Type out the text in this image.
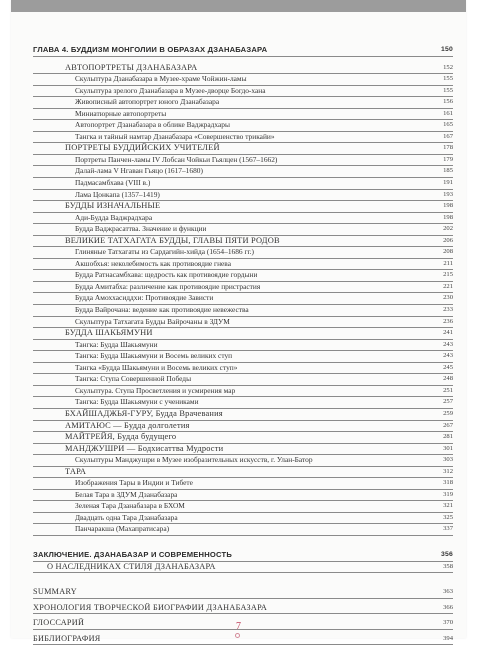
ГЛАВА 4. БУДДИЗМ МОНГОЛИИ В ОБРАЗАХ ДЗАНАБАЗАРА	150
АВТОПОРТРЕТЫ ДЗАНАБАЗАРА	152
Скульптура Дзанабазара в Музее-храме Чойжин-ламы	155
Скульптура зрелого Дзанабазара в Музее-дворце Богдо-хана	155
Живописный автопортрет юного Дзанабазара	156
Миниатюрные автопортреты	161
Автопортрет Дзанабазара в облике Ваджрадхары	165
Тангка и тайный намтар Дзанабазара «Совершенство трикайи»	167
ПОРТРЕТЫ БУДДИЙСКИХ УЧИТЕЛЕЙ	178
Портреты Панчен-ламы IV Лобсан Чойкьи Гьялцен (1567–1662)	179
Далай-лама V Нгаван Гьяцо (1617–1680)	185
Падмасамбхава (VIII в.)	191
Лама Цонкапа (1357–1419)	193
БУДДЫ ИЗНАЧАЛЬНЫЕ	198
Ади-Будда Ваджрадхара	198
Будда Ваджрасаттва. Значение и функции	202
ВЕЛИКИЕ ТАТХАГАТА БУДДЫ, ГЛАВЫ ПЯТИ РОДОВ	206
Глиняные Татхагаты из Сардагийн-хийда (1654–1686 гг.)	208
Акшобхья: неколебимость как противоядие гнева	211
Будда Ратнасамбхава: щедрость как противоядие гордыни	215
Будда Амитабха: различение как противоядие пристрастия	221
Будда Амоххасиддхи: Противоядие Зависти	230
Будда Вайрочана: ведение как противоядие невежества	233
Скульптура Татхагата Будды Вайрочаны в ЗДУМ	236
БУДДА ШАКЬЯМУНИ	241
Тангка: Будда Шакьямуни	243
Тангка: Будда Шакьямуни и Восемь великих ступ	243
Тангка «Будда Шакьямуни и Восемь великих ступ»	245
Тангка: Ступа Совершенной Победы	248
Скульптура. Ступа Просветления и усмирения мар	251
Тангка: Будда Шакьямуни с учениками	257
БХАЙШАДЖЬЯ-ГУРУ, Будда Врачевания	259
АМИТАЮС — Будда долголетия	267
МАЙТРЕЙЯ, Будда будущего	281
МАНДЖУШРИ — Бодхисаттва Мудрости	301
Скульптуры Манджушри в Музее изобразительных искусств, г. Улан-Батор	303
ТАРА	312
Изображения Тары в Индии и Тибете	318
Белая Тара в ЗДУМ Дзанабазара	319
Зеленая Тара Дзанабазара в БХОМ	321
Двадцать одна Тара Дзанабазара	325
Панчаракша (Махапратисара)	337
ЗАКЛЮЧЕНИЕ. ДЗАНАБАЗАР И СОВРЕМЕННОСТЬ	356
О НАСЛЕДНИКАХ СТИЛЯ ДЗАНАБАЗАРА	358
SUMMARY	363
ХРОНОЛОГИЯ ТВОРЧЕСКОЙ БИОГРАФИИ ДЗАНАБАЗАРА	366
ГЛОССАРИЙ	370
БИБЛИОГРАФИЯ	394
7
